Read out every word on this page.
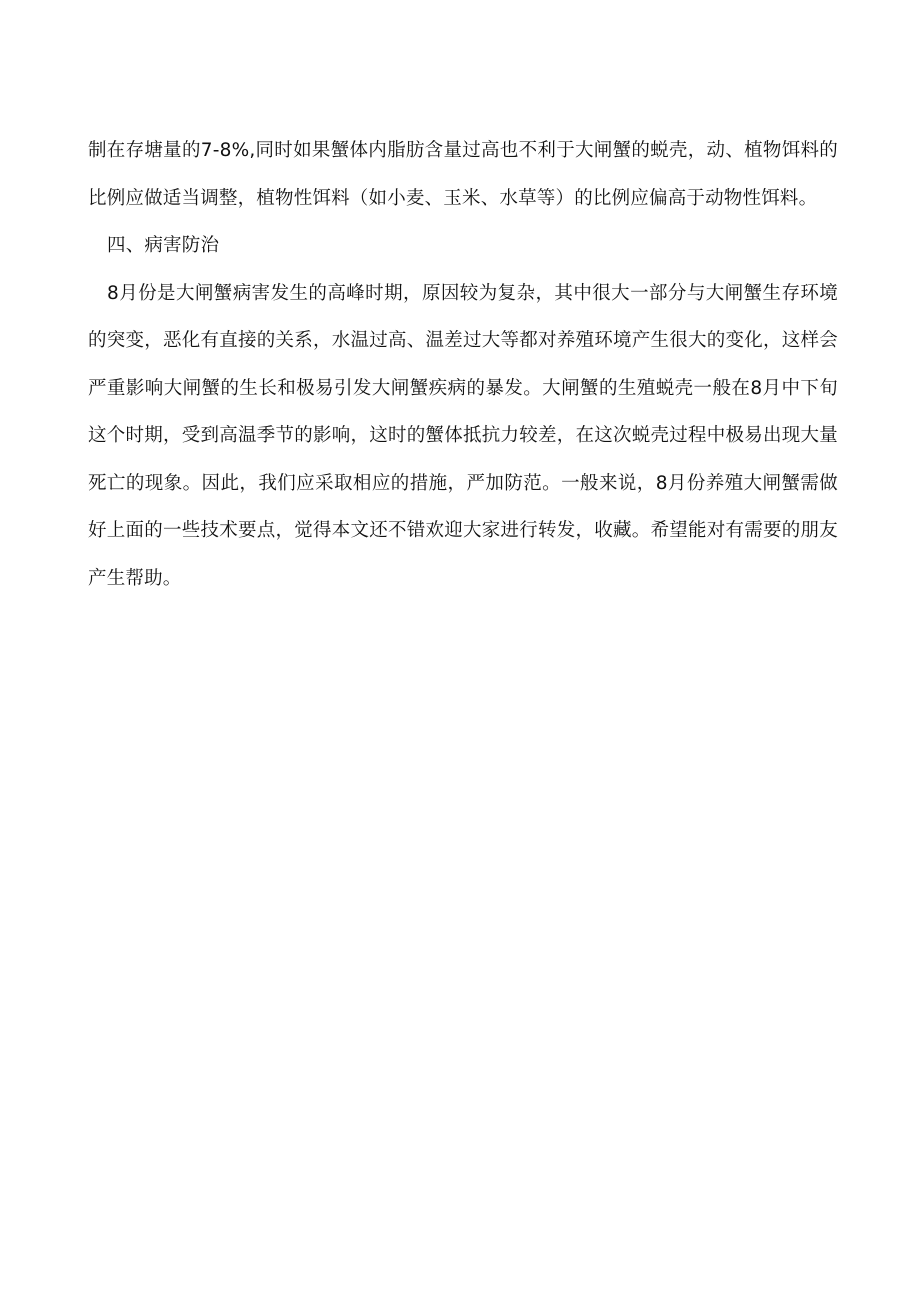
制在存塘量的7-8%,同时如果蟹体内脂肪含量过高也不利于大闸蟹的蜕壳，动、植物饵料的比例应做适当调整，植物性饵料（如小麦、玉米、水草等）的比例应偏高于动物性饵料。

四、病害防治

8月份是大闸蟹病害发生的高峰时期，原因较为复杂，其中很大一部分与大闸蟹生存环境的突变，恶化有直接的关系，水温过高、温差过大等都对养殖环境产生很大的变化，这样会严重影响大闸蟹的生长和极易引发大闸蟹疾病的暴发。大闸蟹的生殖蜕壳一般在8月中下旬这个时期，受到高温季节的影响，这时的蟹体抵抗力较差，在这次蜕壳过程中极易出现大量死亡的现象。因此，我们应采取相应的措施，严加防范。一般来说，8月份养殖大闸蟹需做好上面的一些技术要点，觉得本文还不错欢迎大家进行转发，收藏。希望能对有需要的朋友产生帮助。
